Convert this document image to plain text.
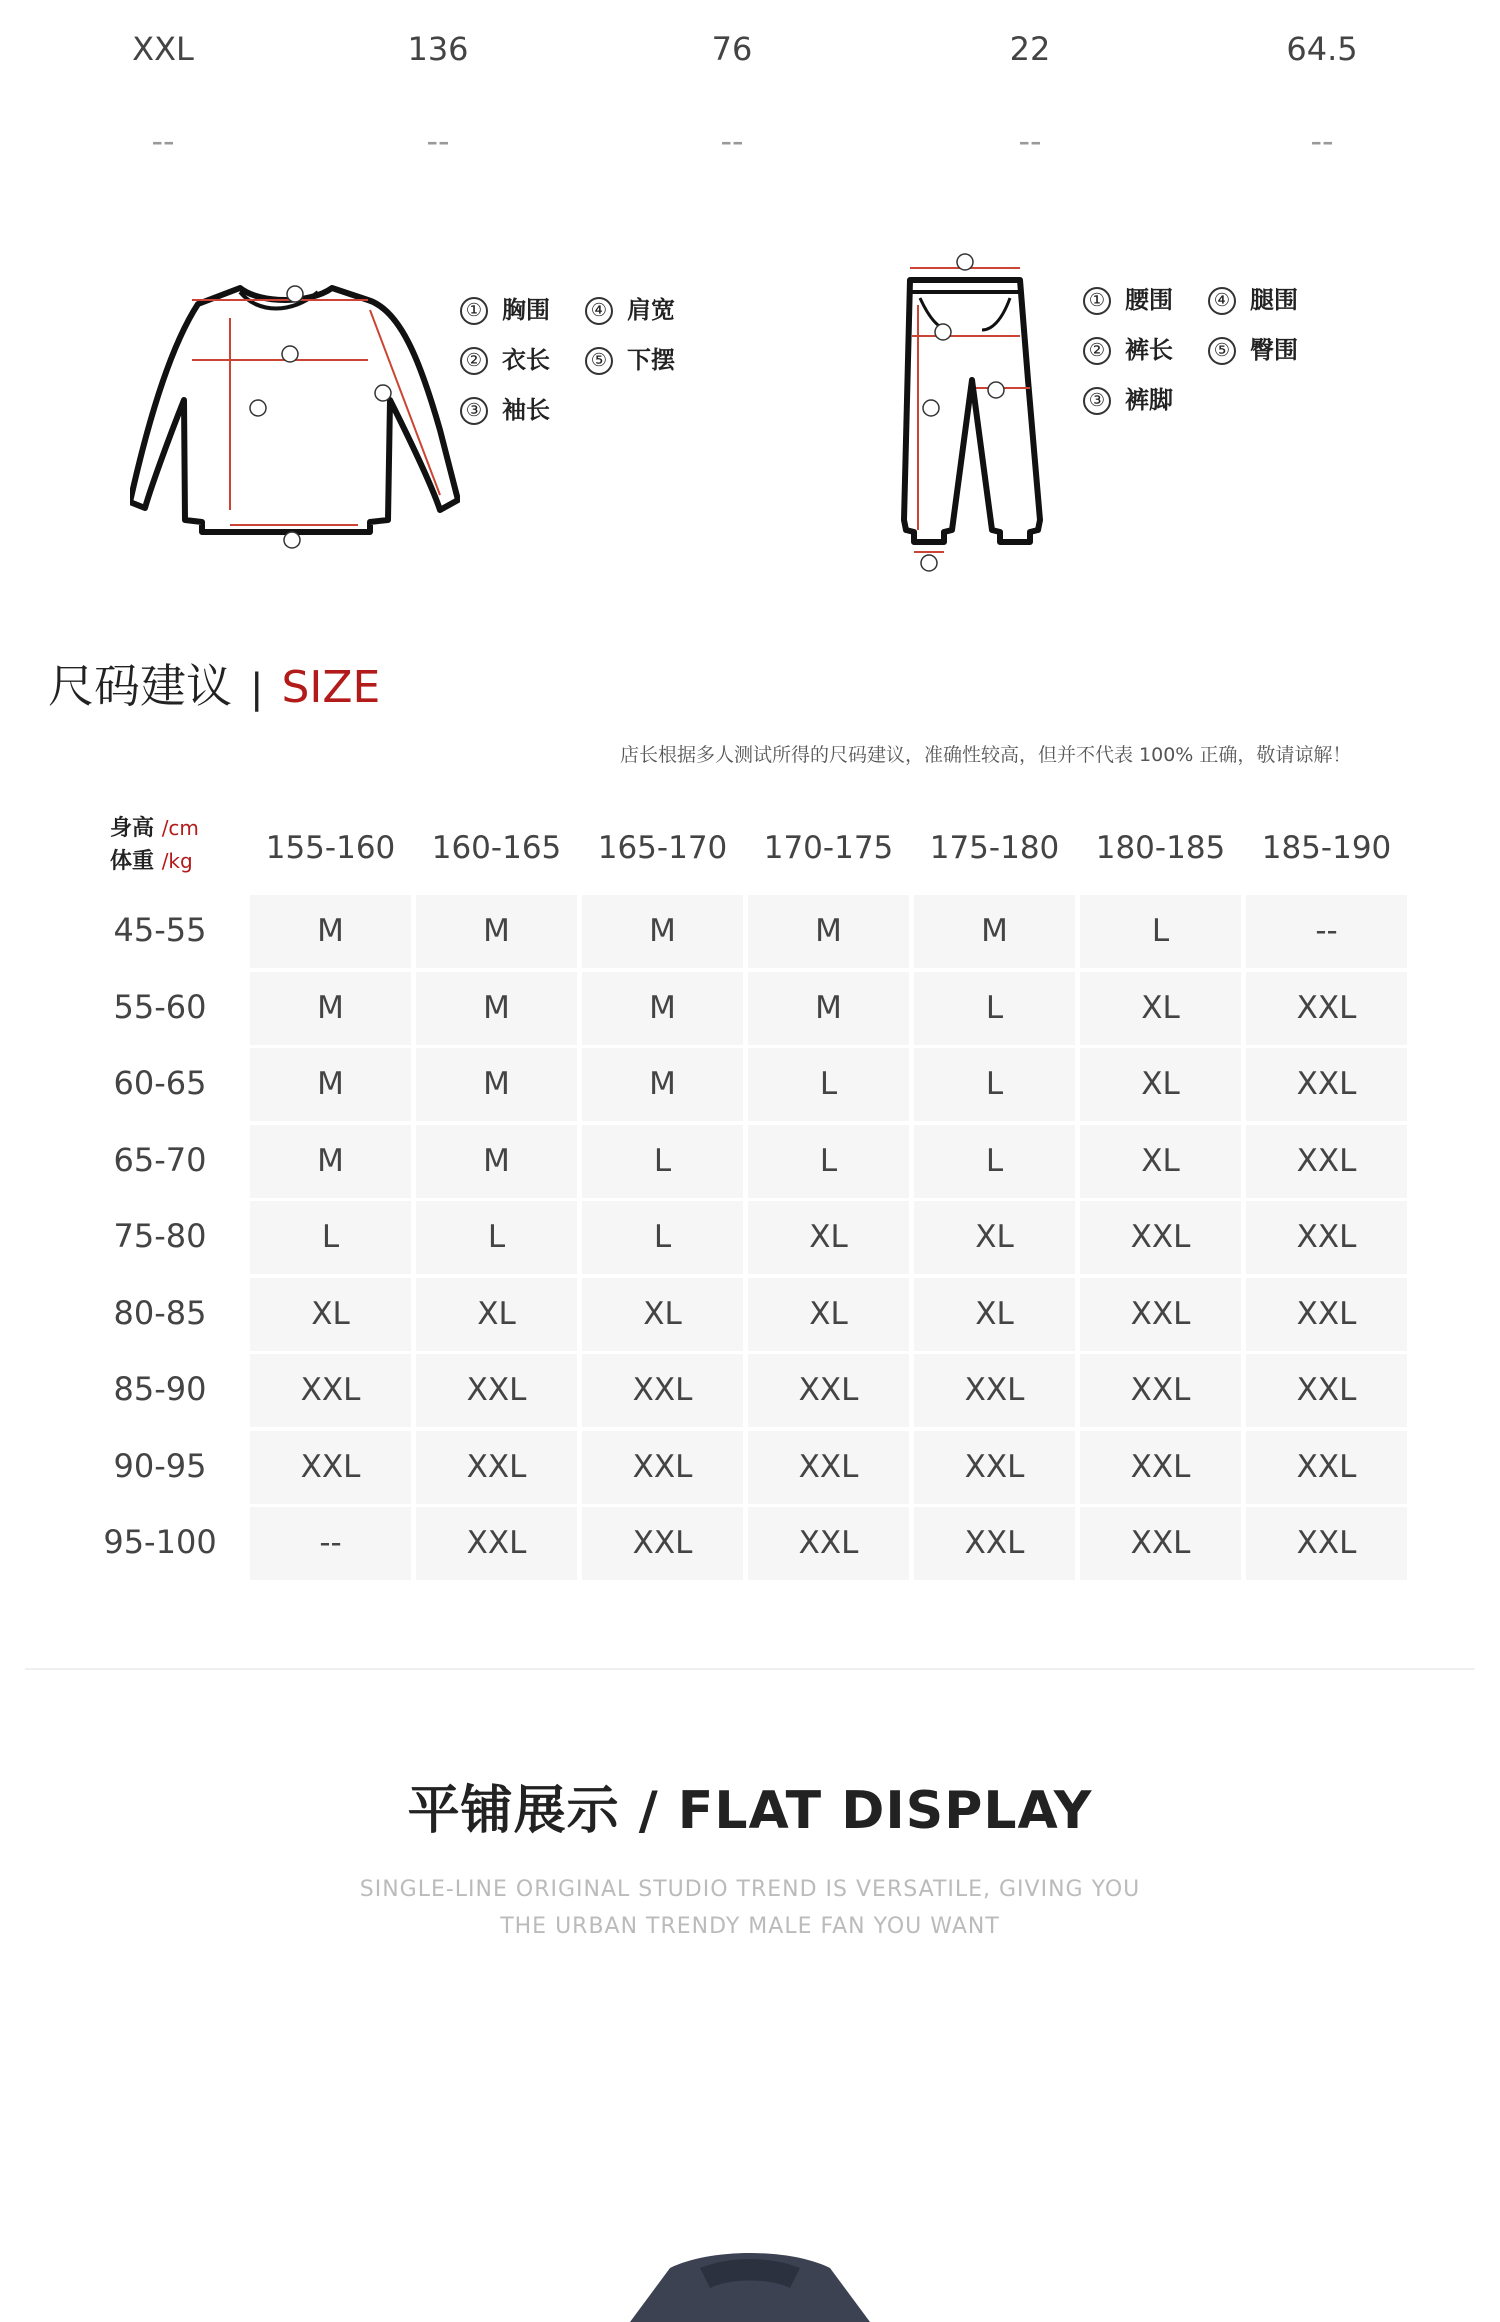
XXL	136	76	22	64.5
--	--	--	--	--
① 胸围	④ 肩宽
② 衣长	⑤ 下摆
③ 袖长
① 腰围	④ 腿围
② 裤长	⑤ 臀围
③ 裤脚
尺码建议 | SIZE
店长根据多人测试所得的尺码建议，准确性较高，但并不代表 100% 正确，敬请谅解！
身高 /cm
体重 /kg	155-160	160-165	165-170	170-175	175-180	180-185	185-190
45-55	M	M	M	M	M	L	--
55-60	M	M	M	M	L	XL	XXL
60-65	M	M	M	L	L	XL	XXL
65-70	M	M	L	L	L	XL	XXL
75-80	L	L	L	XL	XL	XXL	XXL
80-85	XL	XL	XL	XL	XL	XXL	XXL
85-90	XXL	XXL	XXL	XXL	XXL	XXL	XXL
90-95	XXL	XXL	XXL	XXL	XXL	XXL	XXL
95-100	--	XXL	XXL	XXL	XXL	XXL	XXL
平铺展示 / FLAT DISPLAY
SINGLE-LINE ORIGINAL STUDIO TREND IS VERSATILE, GIVING YOU
THE URBAN TRENDY MALE FAN YOU WANT
